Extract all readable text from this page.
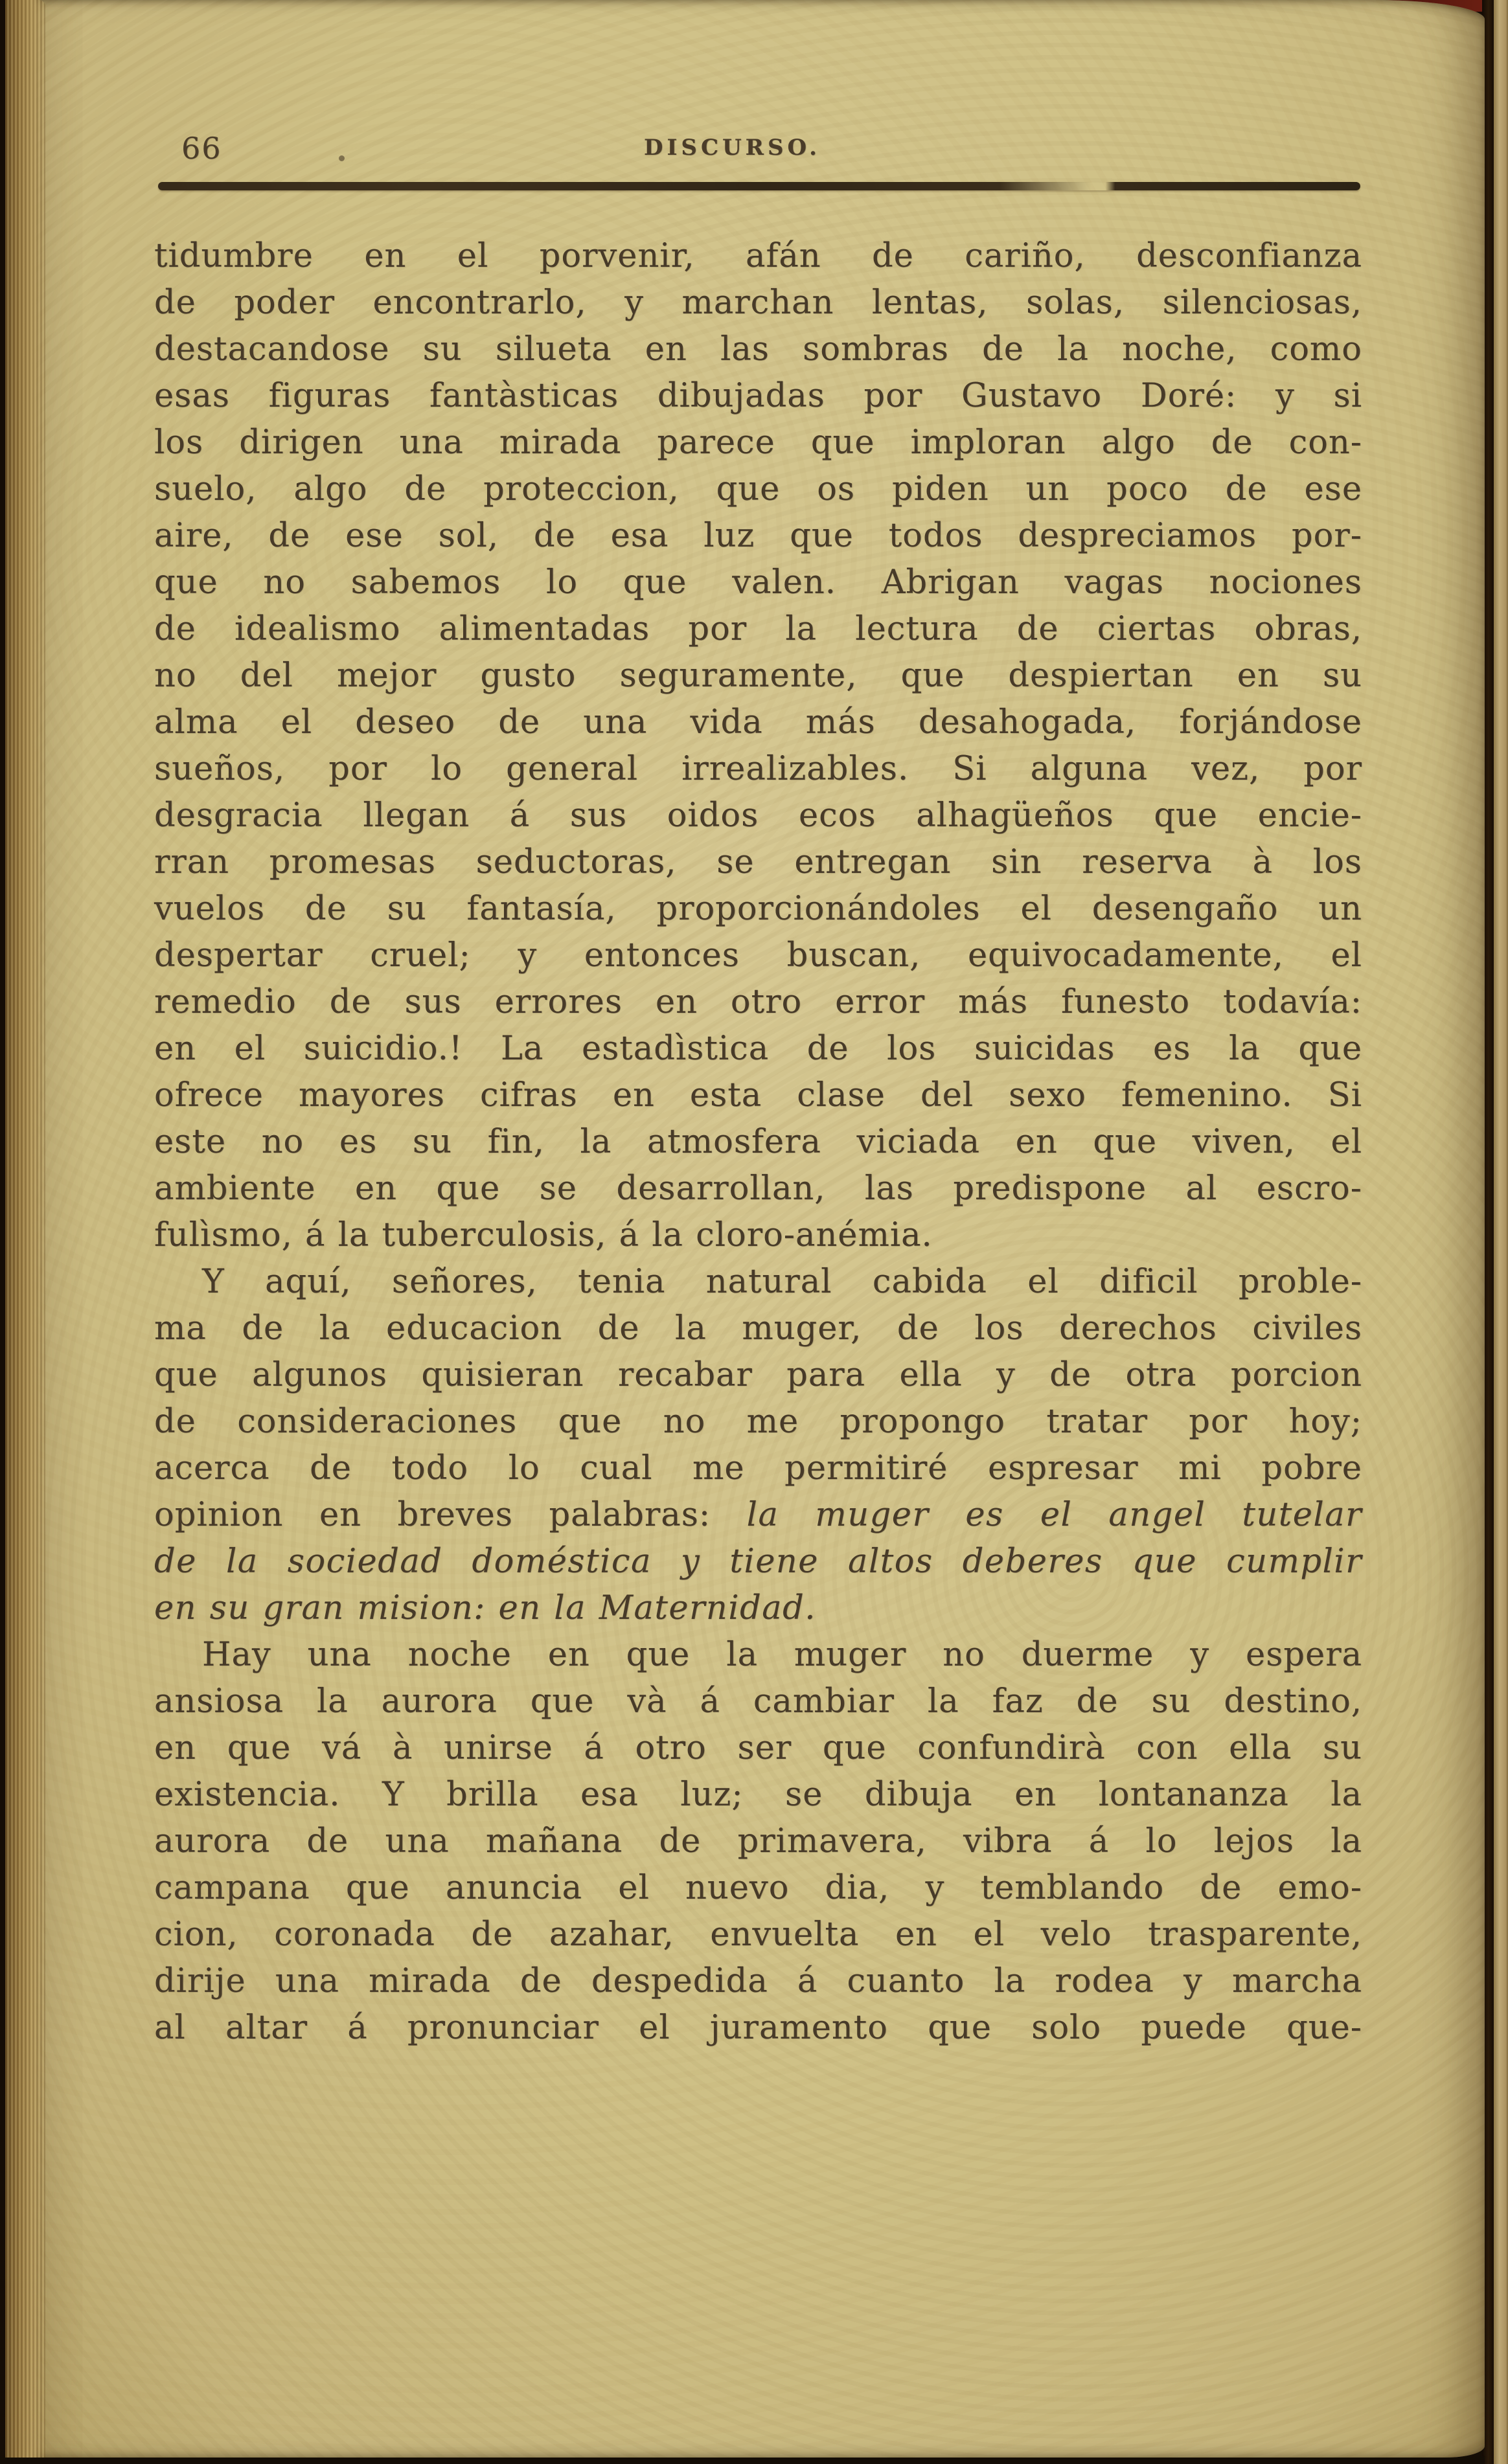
66	DISCURSO.
tidumbre en el porvenir, afán de cariño, desconfianza
de poder encontrarlo, y marchan lentas, solas, silenciosas,
destacandose su silueta en las sombras de la noche, como
esas figuras fantàsticas dibujadas por Gustavo Doré: y si
los dirigen una mirada parece que imploran algo de con-
suelo, algo de proteccion, que os piden un poco de ese
aire, de ese sol, de esa luz que todos despreciamos por-
que no sabemos lo que valen. Abrigan vagas nociones
de idealismo alimentadas por la lectura de ciertas obras,
no del mejor gusto seguramente, que despiertan en su
alma el deseo de una vida más desahogada, forjándose
sueños, por lo general irrealizables. Si alguna vez, por
desgracia llegan á sus oidos ecos alhagüeños que encie-
rran promesas seductoras, se entregan sin reserva à los
vuelos de su fantasía, proporcionándoles el desengaño un
despertar cruel; y entonces buscan, equivocadamente, el
remedio de sus errores en otro error más funesto todavía:
en el suicidio.! La estadìstica de los suicidas es la que
ofrece mayores cifras en esta clase del sexo femenino. Si
este no es su fin, la atmosfera viciada en que viven, el
ambiente en que se desarrollan, las predispone al escro-
fulìsmo, á la tuberculosis, á la cloro-anémia.
Y aquí, señores, tenia natural cabida el dificil proble-
ma de la educacion de la muger, de los derechos civiles
que algunos quisieran recabar para ella y de otra porcion
de consideraciones que no me propongo tratar por hoy;
acerca de todo lo cual me permitiré espresar mi pobre
opinion en breves palabras: la muger es el angel tutelar
de la sociedad doméstica y tiene altos deberes que cumplir
en su gran mision: en la Maternidad.
Hay una noche en que la muger no duerme y espera
ansiosa la aurora que và á cambiar la faz de su destino,
en que vá à unirse á otro ser que confundirà con ella su
existencia. Y brilla esa luz; se dibuja en lontananza la
aurora de una mañana de primavera, vibra á lo lejos la
campana que anuncia el nuevo dia, y temblando de emo-
cion, coronada de azahar, envuelta en el velo trasparente,
dirije una mirada de despedida á cuanto la rodea y marcha
al altar á pronunciar el juramento que solo puede que-
